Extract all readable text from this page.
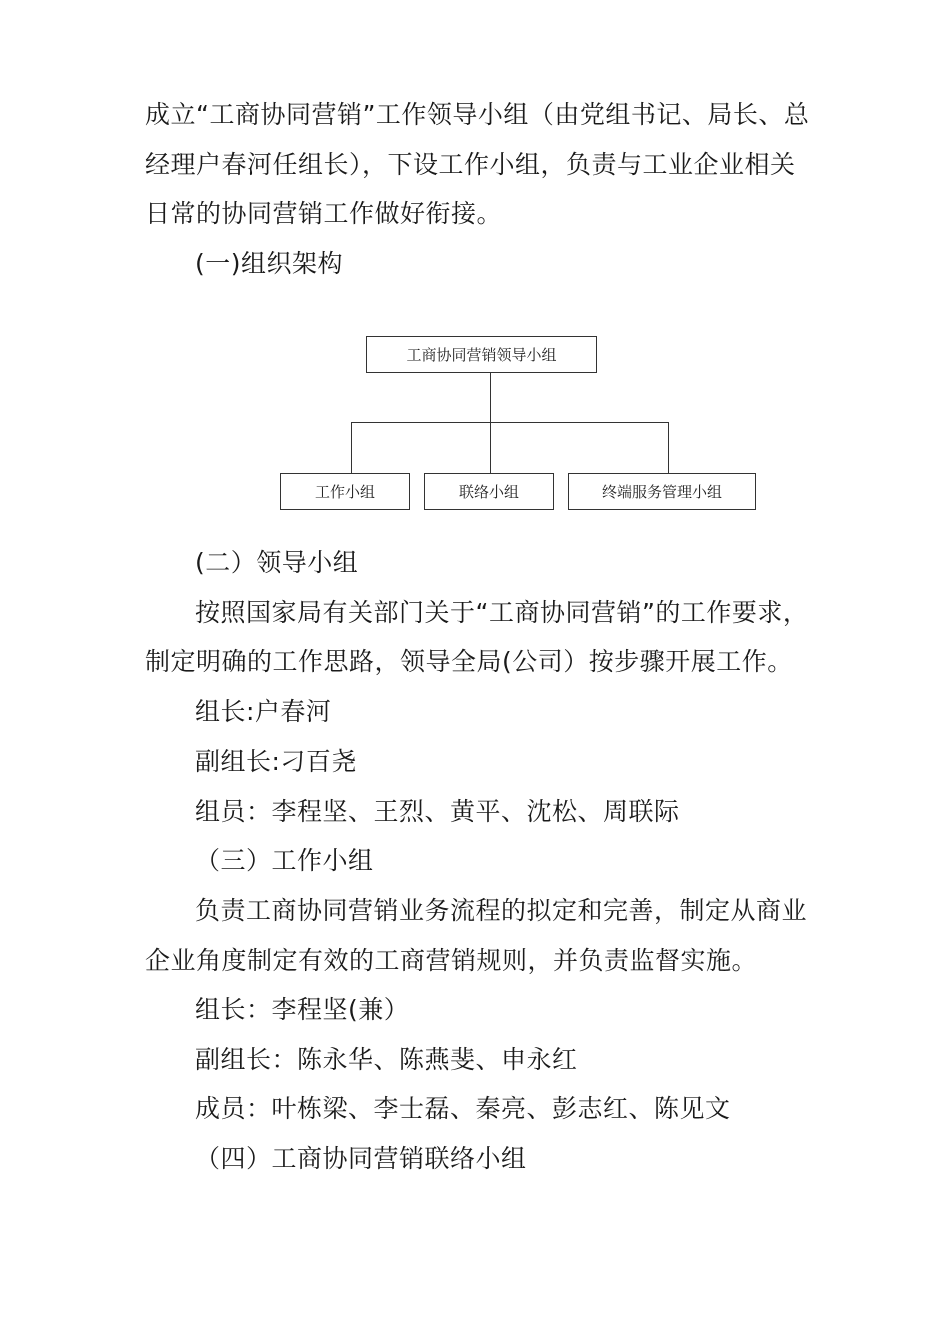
成立“工商协同营销”工作领导小组（由党组书记、局长、总
经理户春河任组长），下设工作小组，负责与工业企业相关
日常的协同营销工作做好衔接。
(一)组织架构
工商协同营销领导小组
工作小组	联络小组	终端服务管理小组
(二）领导小组
按照国家局有关部门关于“工商协同营销”的工作要求，
制定明确的工作思路，领导全局(公司）按步骤开展工作。
组长:户春河
副组长:刁百尧
组员：李程坚、王烈、黄平、沈松、周联际
（三）工作小组
负责工商协同营销业务流程的拟定和完善，制定从商业
企业角度制定有效的工商营销规则，并负责监督实施。
组长：李程坚(兼）
副组长：陈永华、陈燕斐、申永红
成员：叶栋梁、李士磊、秦亮、彭志红、陈见文
（四）工商协同营销联络小组
